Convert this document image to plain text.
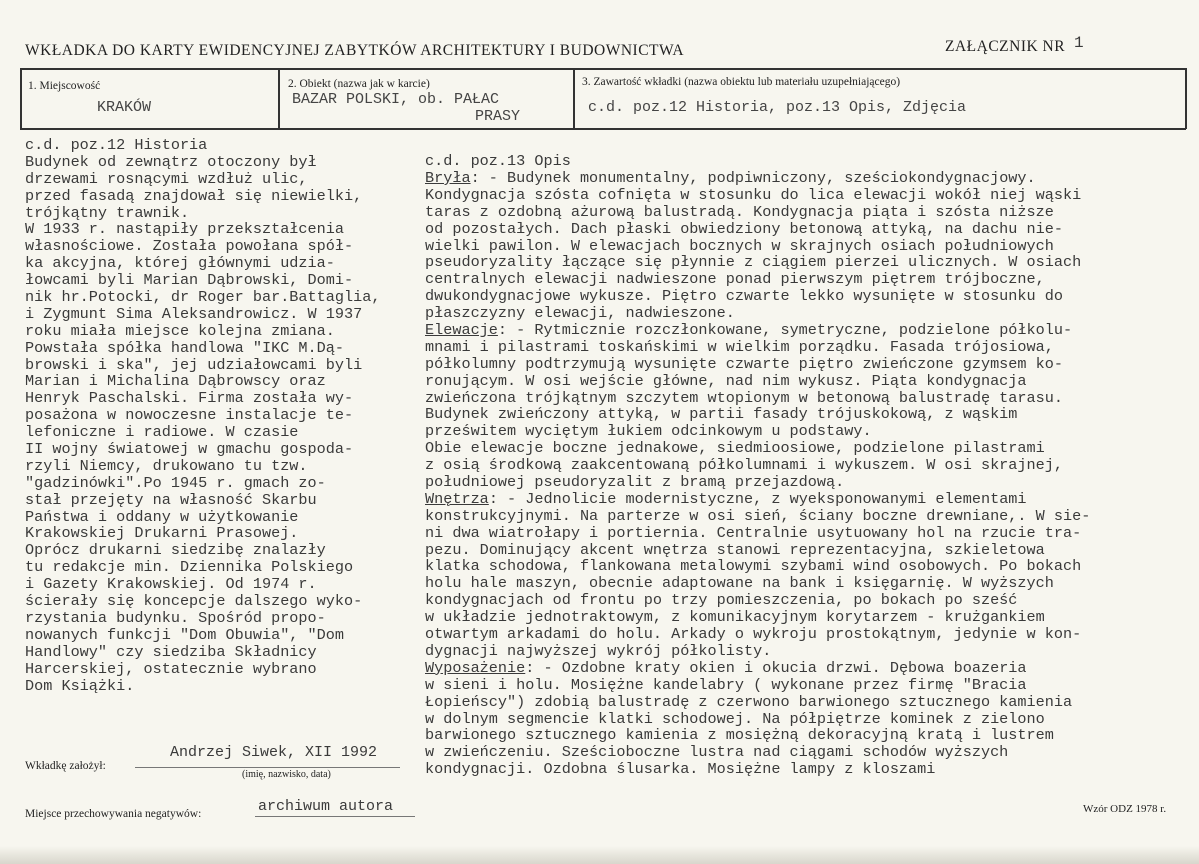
WKŁADKA DO KARTY EWIDENCYJNEJ ZABYTKÓW ARCHITEKTURY I BUDOWNICTWA	ZAŁĄCZNIK NR 1
1. Miejscowość
KRAKÓW
2. Obiekt (nazwa jak w karcie)
BAZAR POLSKI, ob. PAŁAC
PRASY
3. Zawartość wkładki (nazwa obiektu lub materiału uzupełniającego)
c.d. poz.12 Historia, poz.13 Opis, Zdjęcia
c.d. poz.12 Historia
Budynek od zewnątrz otoczony był
drzewami rosnącymi wzdłuż ulic,
przed fasadą znajdował się niewielki,
trójkątny trawnik.
W 1933 r. nastąpiły przekształcenia
własnościowe. Została powołana spół-
ka akcyjna, której głównymi udzia-
łowcami byli Marian Dąbrowski, Domi-
nik hr.Potocki, dr Roger bar.Battaglia,
i Zygmunt Sima Aleksandrowicz. W 1937
roku miała miejsce kolejna zmiana.
Powstała spółka handlowa "IKC M.Dą-
browski i ska", jej udziałowcami byli
Marian i Michalina Dąbrowscy oraz
Henryk Paschalski. Firma została wy-
posażona w nowoczesne instalacje te-
lefoniczne i radiowe. W czasie
II wojny światowej w gmachu gospoda-
rzyli Niemcy, drukowano tu tzw.
"gadzinówki".Po 1945 r. gmach zo-
stał przejęty na własność Skarbu
Państwa i oddany w użytkowanie
Krakowskiej Drukarni Prasowej.
Oprócz drukarni siedzibę znalazły
tu redakcje min. Dziennika Polskiego
i Gazety Krakowskiej. Od 1974 r.
ścierały się koncepcje dalszego wyko-
rzystania budynku. Spośród propo-
nowanych funkcji "Dom Obuwia", "Dom
Handlowy" czy siedziba Składnicy
Harcerskiej, ostatecznie wybrano
Dom Książki.
c.d. poz.13 Opis
Bryła: - Budynek monumentalny, podpiwniczony, sześciokondygnacjowy.
Kondygnacja szósta cofnięta w stosunku do lica elewacji wokół niej wąski
taras z ozdobną ażurową balustradą. Kondygnacja piąta i szósta niższe
od pozostałych. Dach płaski obwiedziony betonową attyką, na dachu nie-
wielki pawilon. W elewacjach bocznych w skrajnych osiach południowych
pseudoryzality łączące się płynnie z ciągiem pierzei ulicznych. W osiach
centralnych elewacji nadwieszone ponad pierwszym piętrem trójboczne,
dwukondygnacjowe wykusze. Piętro czwarte lekko wysunięte w stosunku do
płaszczyzny elewacji, nadwieszone.
Elewacje: - Rytmicznie rozczłonkowane, symetryczne, podzielone półkolu-
mnami i pilastrami toskańskimi w wielkim porządku. Fasada trójosiowa,
półkolumny podtrzymują wysunięte czwarte piętro zwieńczone gzymsem ko-
ronującym. W osi wejście główne, nad nim wykusz. Piąta kondygnacja
zwieńczona trójkątnym szczytem wtopionym w betonową balustradę tarasu.
Budynek zwieńczony attyką, w partii fasady trójuskokową, z wąskim
prześwitem wyciętym łukiem odcinkowym u podstawy.
Obie elewacje boczne jednakowe, siedmioosiowe, podzielone pilastrami
z osią środkową zaakcentowaną półkolumnami i wykuszem. W osi skrajnej,
południowej pseudoryzalit z bramą przejazdową.
Wnętrza: - Jednolicie modernistyczne, z wyeksponowanymi elementami
konstrukcyjnymi. Na parterze w osi sień, ściany boczne drewniane,. W sie-
ni dwa wiatrołapy i portiernia. Centralnie usytuowany hol na rzucie tra-
pezu. Dominujący akcent wnętrza stanowi reprezentacyjna, szkieletowa
klatka schodowa, flankowana metalowymi szybami wind osobowych. Po bokach
holu hale maszyn, obecnie adaptowane na bank i księgarnię. W wyższych
kondygnacjach od frontu po trzy pomieszczenia, po bokach po sześć
w układzie jednotraktowym, z komunikacyjnym korytarzem - krużgankiem
otwartym arkadami do holu. Arkady o wykroju prostokątnym, jedynie w kon-
dygnacji najwyższej wykrój półkolisty.
Wyposażenie: - Ozdobne kraty okien i okucia drzwi. Dębowa boazeria
w sieni i holu. Mosiężne kandelabry ( wykonane przez firmę "Bracia
Łopieńscy") zdobią balustradę z czerwono barwionego sztucznego kamienia
w dolnym segmencie klatki schodowej. Na półpiętrze kominek z zielono
barwionego sztucznego kamienia z mosiężną dekoracyjną kratą i lustrem
w zwieńczeniu. Sześcioboczne lustra nad ciągami schodów wyższych
kondygnacji. Ozdobna ślusarka. Mosiężne lampy z kloszami
Wkładkę założył:
Andrzej Siwek, XII 1992
(imię, nazwisko, data)
Miejsce przechowywania negatywów:	archiwum autora	Wzór ODZ 1978 r.
